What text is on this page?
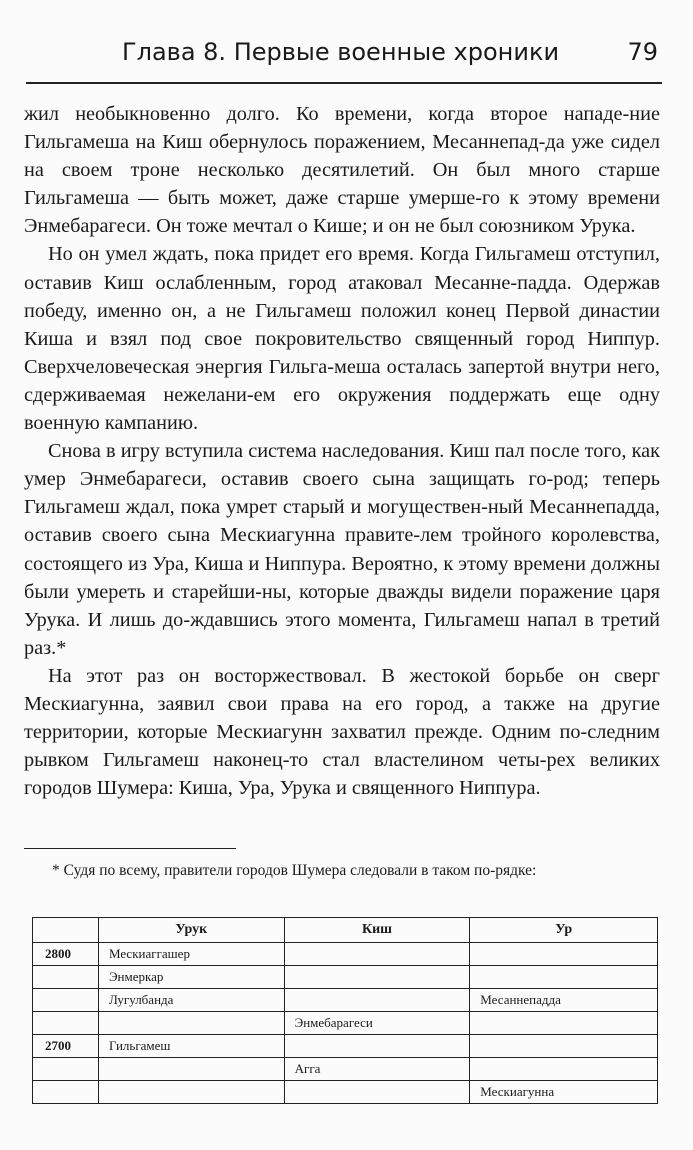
Глава 8. Первые военные хроники	79

жил необыкновенно долго. Ко времени, когда второе нападе-ние Гильгамеша на Киш обернулось поражением, Месаннепад-да уже сидел на своем троне несколько десятилетий. Он был много старше Гильгамеша — быть может, даже старше умерше-го к этому времени Энмебарагеси. Он тоже мечтал о Кише; и он не был союзником Урука.

Но он умел ждать, пока придет его время. Когда Гильгамеш отступил, оставив Киш ослабленным, город атаковал Месанне-падда. Одержав победу, именно он, а не Гильгамеш положил конец Первой династии Киша и взял под свое покровительство священный город Ниппур. Сверхчеловеческая энергия Гильга-меша осталась запертой внутри него, сдерживаемая нежелани-ем его окружения поддержать еще одну военную кампанию.

Снова в игру вступила система наследования. Киш пал после того, как умер Энмебарагеси, оставив своего сына защищать го-род; теперь Гильгамеш ждал, пока умрет старый и могуществен-ный Месаннепадда, оставив своего сына Мескиагунна правите-лем тройного королевства, состоящего из Ура, Киша и Ниппура. Вероятно, к этому времени должны были умереть и старейши-ны, которые дважды видели поражение царя Урука. И лишь до-ждавшись этого момента, Гильгамеш напал в третий раз.*

На этот раз он восторжествовал. В жестокой борьбе он сверг Мескиагунна, заявил свои права на его город, а также на другие территории, которые Мескиагунн захватил прежде. Одним по-следним рывком Гильгамеш наконец-то стал властелином четы-рех великих городов Шумера: Киша, Ура, Урука и священного Ниппура.

* Судя по всему, правители городов Шумера следовали в таком по-рядке:

	Урук	Киш	Ур
2800	Мескиаггашер		
	Энмеркар		
	Лугулбанда		Месаннепадда
		Энмебарагеси	
2700	Гильгамеш		
		Агга	
			Мескиагунна
